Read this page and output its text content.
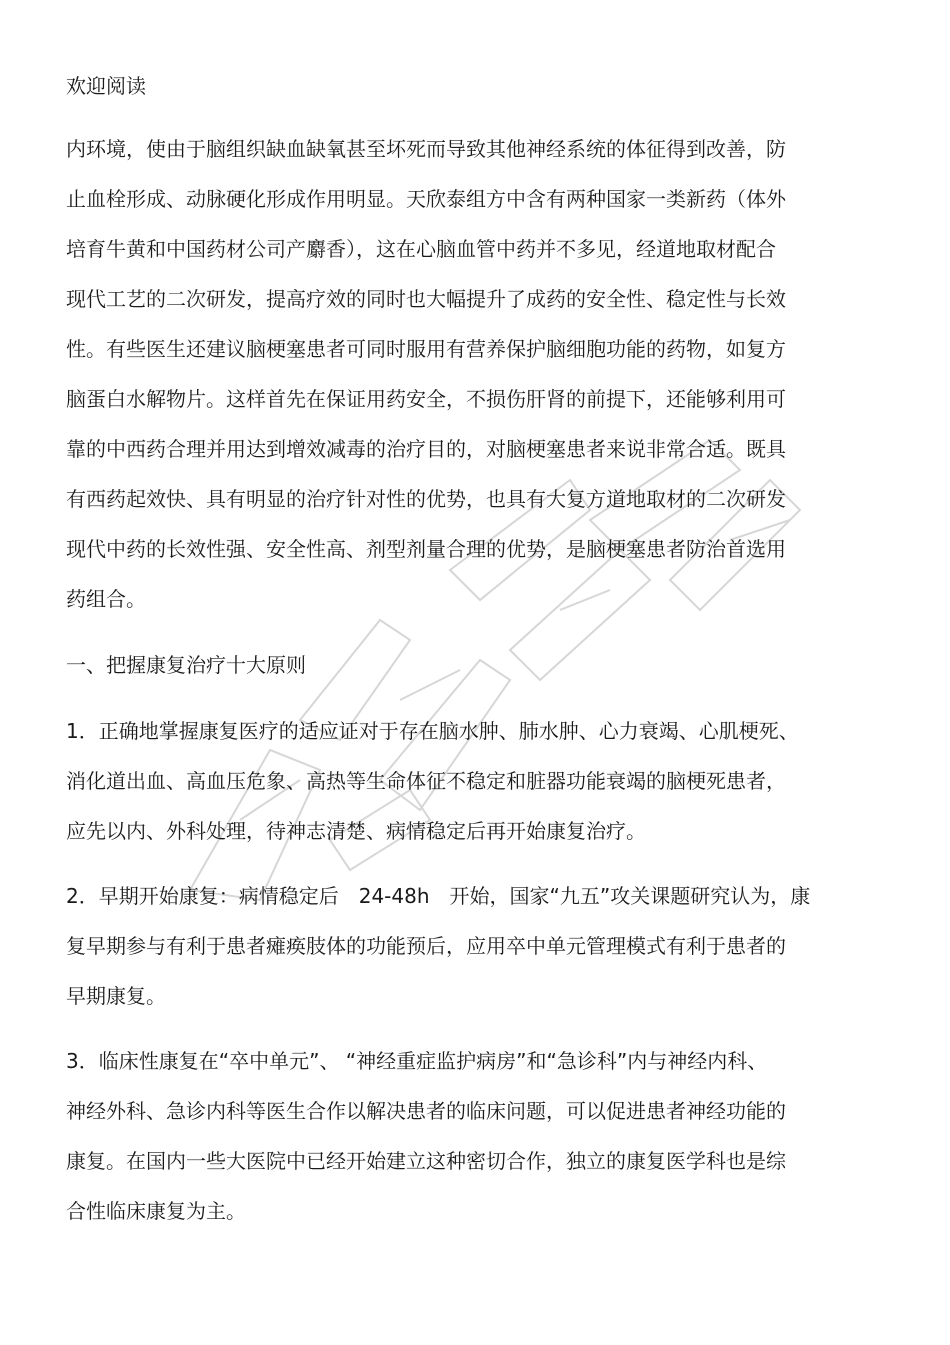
欢迎阅读
内环境，使由于脑组织缺血缺氧甚至坏死而导致其他神经系统的体征得到改善，防
止血栓形成、动脉硬化形成作用明显。天欣泰组方中含有两种国家一类新药（体外
培育牛黄和中国药材公司产麝香），这在心脑血管中药并不多见，经道地取材配合
现代工艺的二次研发，提高疗效的同时也大幅提升了成药的安全性、稳定性与长效
性。有些医生还建议脑梗塞患者可同时服用有营养保护脑细胞功能的药物，如复方
脑蛋白水解物片。这样首先在保证用药安全，不损伤肝肾的前提下，还能够利用可
靠的中西药合理并用达到增效减毒的治疗目的，对脑梗塞患者来说非常合适。既具
有西药起效快、具有明显的治疗针对性的优势，也具有大复方道地取材的二次研发
现代中药的长效性强、安全性高、剂型剂量合理的优势，是脑梗塞患者防治首选用
药组合。
一、把握康复治疗十大原则
1．正确地掌握康复医疗的适应证对于存在脑水肿、肺水肿、心力衰竭、心肌梗死、
消化道出血、高血压危象、高热等生命体征不稳定和脏器功能衰竭的脑梗死患者，
应先以内、外科处理，待神志清楚、病情稳定后再开始康复治疗。
2．早期开始康复：病情稳定后　24-48h　开始，国家“九五”攻关课题研究认为，康
复早期参与有利于患者瘫痪肢体的功能预后，应用卒中单元管理模式有利于患者的
早期康复。
3．临床性康复在“卒中单元”、 “神经重症监护病房”和“急诊科”内与神经内科、
神经外科、急诊内科等医生合作以解决患者的临床问题，可以促进患者神经功能的
康复。在国内一些大医院中已经开始建立这种密切合作，独立的康复医学科也是综
合性临床康复为主。
